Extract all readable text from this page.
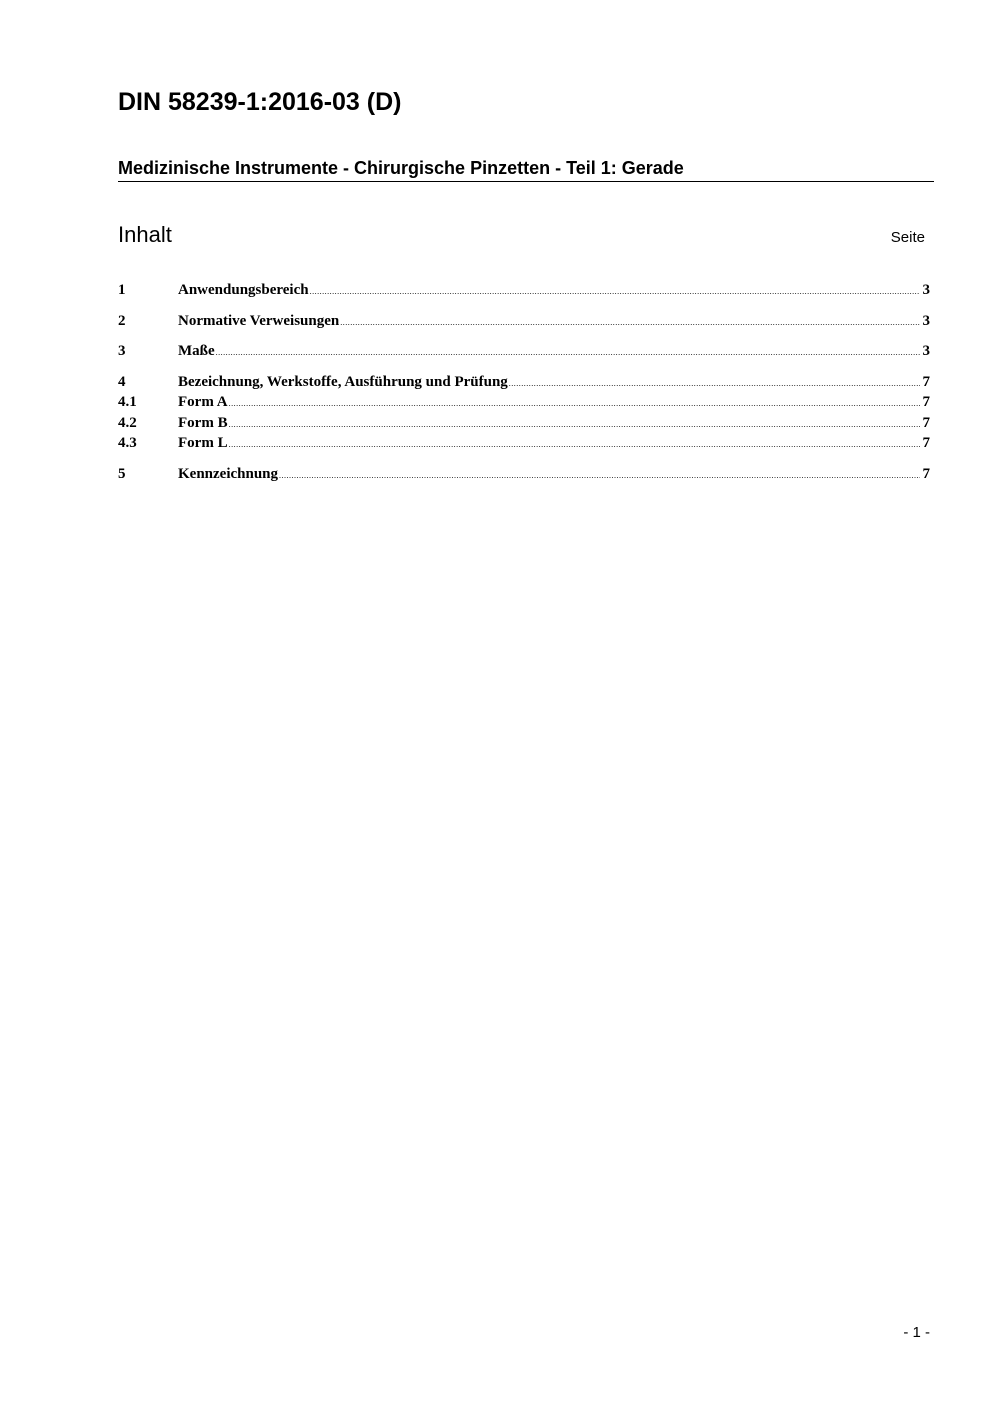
DIN 58239-1:2016-03 (D)
Medizinische Instrumente - Chirurgische Pinzetten - Teil 1: Gerade
Inhalt	Seite
1	Anwendungsbereich .....	3
2	Normative Verweisungen .....	3
3	Maße .....	3
4	Bezeichnung, Werkstoffe, Ausführung und Prüfung .....	7
4.1	Form A .....	7
4.2	Form B .....	7
4.3	Form L .....	7
5	Kennzeichnung .....	7
- 1 -
